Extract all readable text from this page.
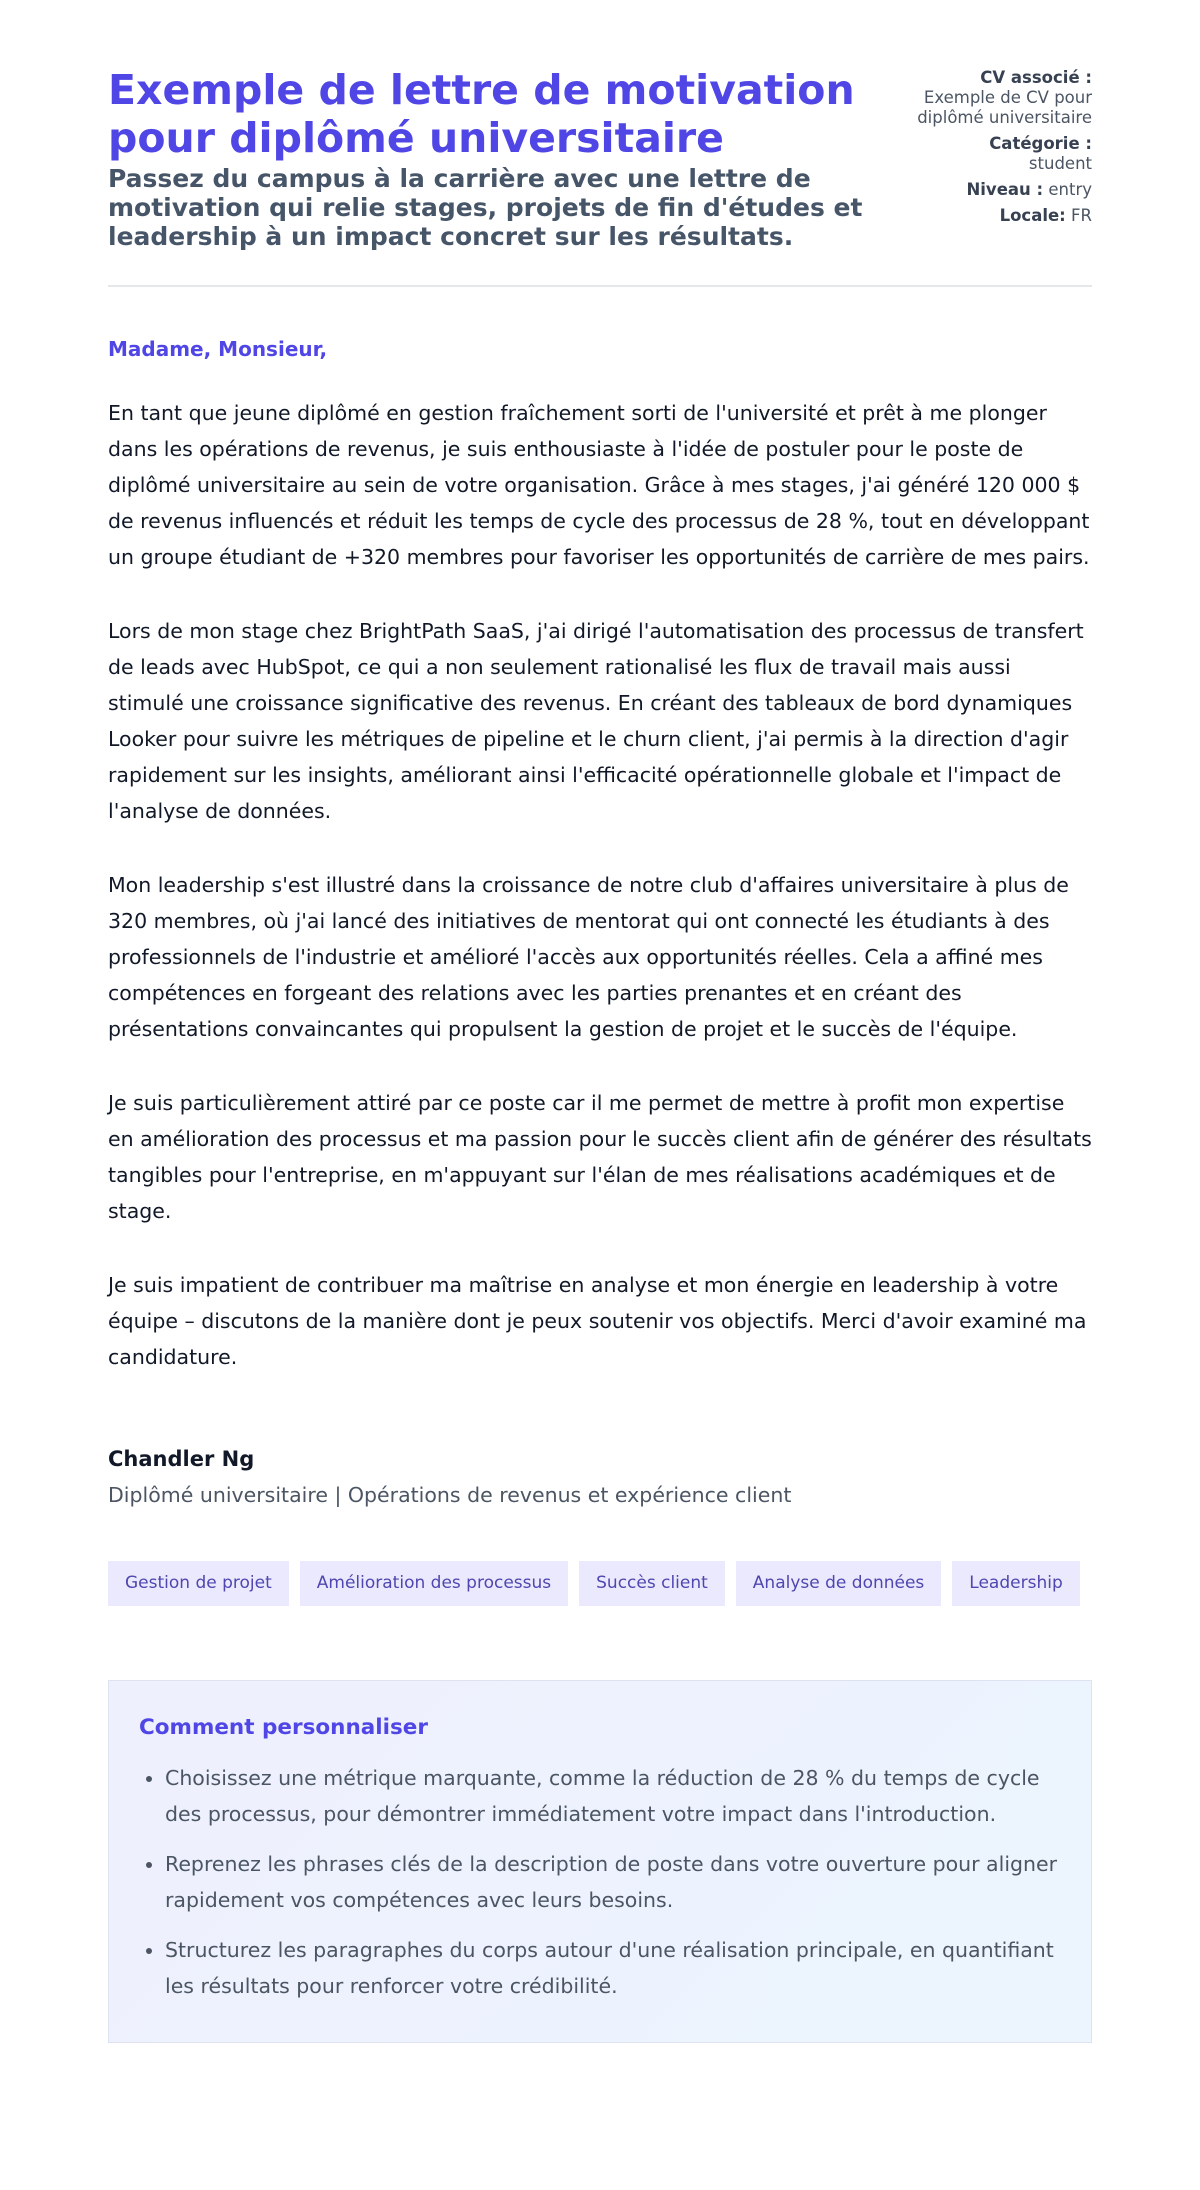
Exemple de lettre de motivation pour diplômé universitaire
Passez du campus à la carrière avec une lettre de motivation qui relie stages, projets de fin d'études et leadership à un impact concret sur les résultats.
CV associé :
Exemple de CV pour diplômé universitaire
Catégorie :
student
Niveau : entry
Locale: FR

Madame, Monsieur,

En tant que jeune diplômé en gestion fraîchement sorti de l'université et prêt à me plonger dans les opérations de revenus, je suis enthousiaste à l'idée de postuler pour le poste de diplômé universitaire au sein de votre organisation. Grâce à mes stages, j'ai généré 120 000 $ de revenus influencés et réduit les temps de cycle des processus de 28 %, tout en développant un groupe étudiant de +320 membres pour favoriser les opportunités de carrière de mes pairs.

Lors de mon stage chez BrightPath SaaS, j'ai dirigé l'automatisation des processus de transfert de leads avec HubSpot, ce qui a non seulement rationalisé les flux de travail mais aussi stimulé une croissance significative des revenus. En créant des tableaux de bord dynamiques Looker pour suivre les métriques de pipeline et le churn client, j'ai permis à la direction d'agir rapidement sur les insights, améliorant ainsi l'efficacité opérationnelle globale et l'impact de l'analyse de données.

Mon leadership s'est illustré dans la croissance de notre club d'affaires universitaire à plus de 320 membres, où j'ai lancé des initiatives de mentorat qui ont connecté les étudiants à des professionnels de l'industrie et amélioré l'accès aux opportunités réelles. Cela a affiné mes compétences en forgeant des relations avec les parties prenantes et en créant des présentations convaincantes qui propulsent la gestion de projet et le succès de l'équipe.

Je suis particulièrement attiré par ce poste car il me permet de mettre à profit mon expertise en amélioration des processus et ma passion pour le succès client afin de générer des résultats tangibles pour l'entreprise, en m'appuyant sur l'élan de mes réalisations académiques et de stage.

Je suis impatient de contribuer ma maîtrise en analyse et mon énergie en leadership à votre équipe – discutons de la manière dont je peux soutenir vos objectifs. Merci d'avoir examiné ma candidature.

Chandler Ng

Diplômé universitaire | Opérations de revenus et expérience client

Gestion de projet	Amélioration des processus	Succès client	Analyse de données	Leadership
Comment personnaliser
• Choisissez une métrique marquante, comme la réduction de 28 % du temps de cycle des processus, pour démontrer immédiatement votre impact dans l'introduction.
• Reprenez les phrases clés de la description de poste dans votre ouverture pour aligner rapidement vos compétences avec leurs besoins.
• Structurez les paragraphes du corps autour d'une réalisation principale, en quantifiant les résultats pour renforcer votre crédibilité.
